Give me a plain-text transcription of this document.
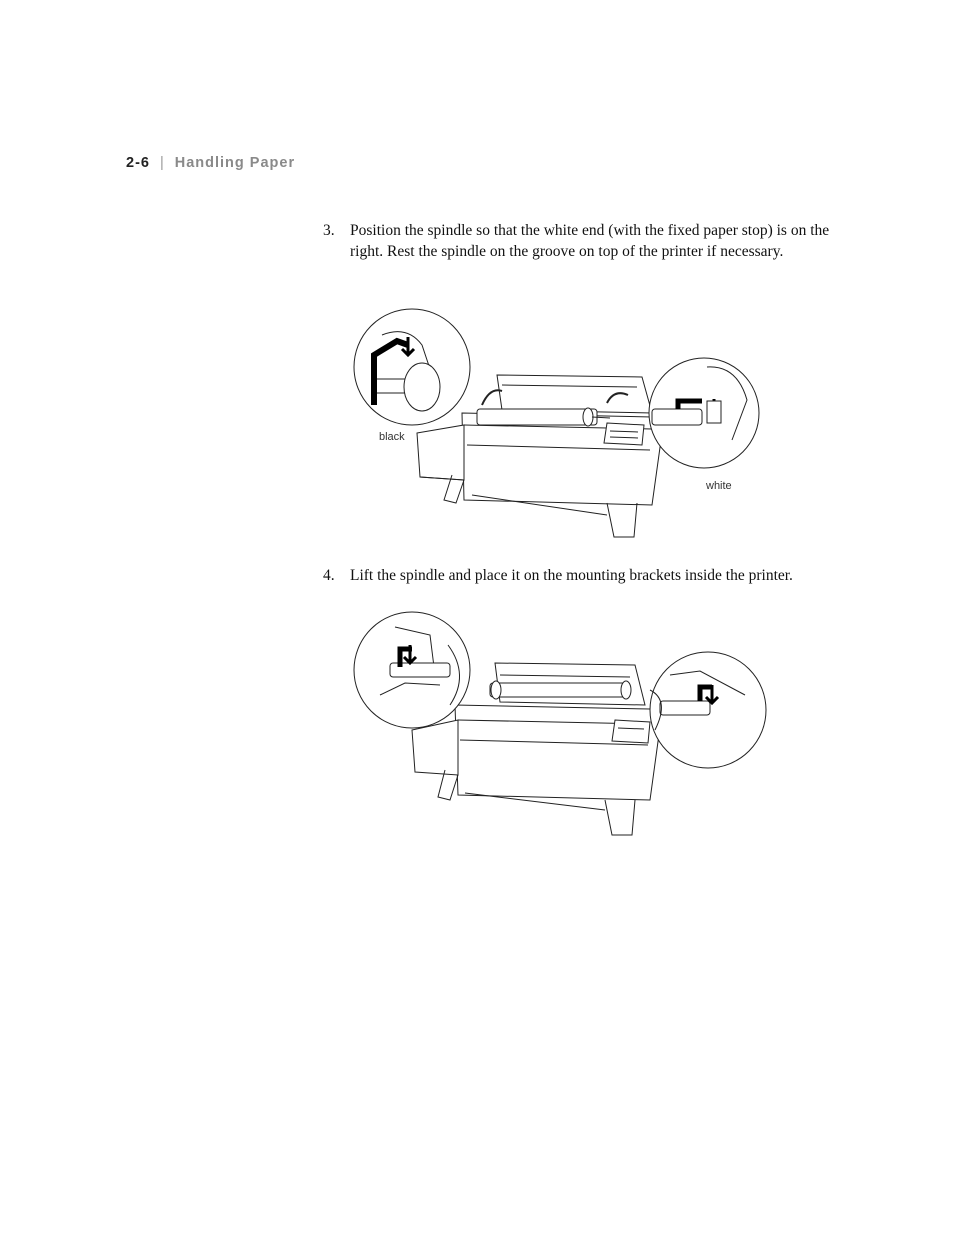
2-6 | Handling Paper
3. Position the spindle so that the white end (with the fixed paper stop) is on the right. Rest the spindle on the groove on top of the printer if necessary.
black
white
4. Lift the spindle and place it on the mounting brackets inside the printer.
